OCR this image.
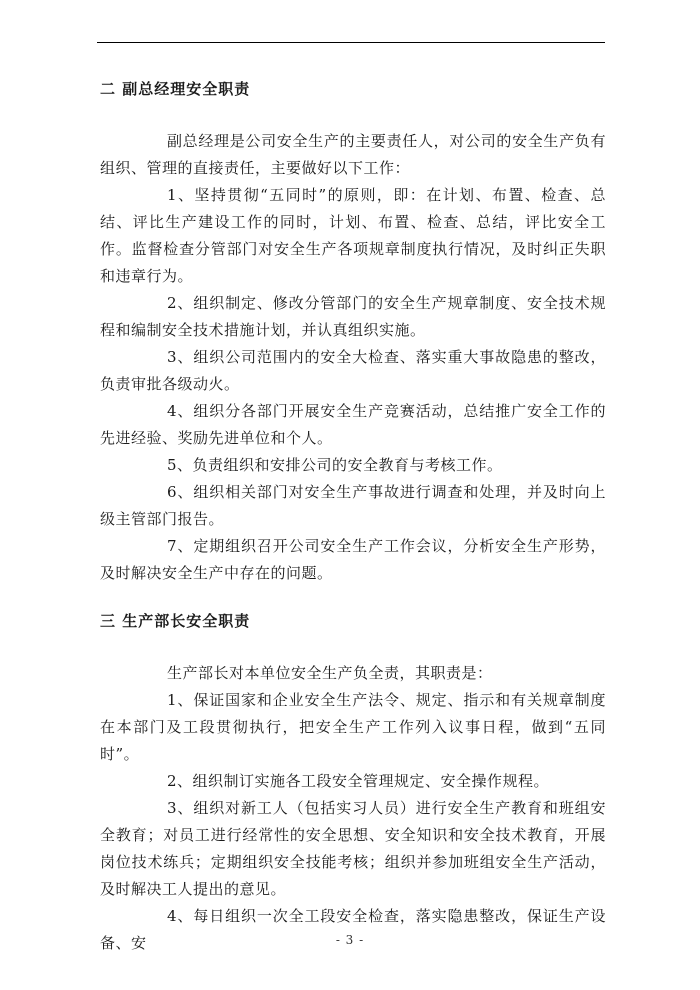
二 副总经理安全职责

副总经理是公司安全生产的主要责任人，对公司的安全生产负有组织、管理的直接责任，主要做好以下工作：

1、坚持贯彻“五同时”的原则，即：在计划、布置、检查、总结、评比生产建设工作的同时，计划、布置、检查、总结，评比安全工作。监督检查分管部门对安全生产各项规章制度执行情况，及时纠正失职和违章行为。

2、组织制定、修改分管部门的安全生产规章制度、安全技术规程和编制安全技术措施计划，并认真组织实施。

3、组织公司范围内的安全大检查、落实重大事故隐患的整改，负责审批各级动火。

4、组织分各部门开展安全生产竞赛活动，总结推广安全工作的先进经验、奖励先进单位和个人。

5、负责组织和安排公司的安全教育与考核工作。

6、组织相关部门对安全生产事故进行调查和处理，并及时向上级主管部门报告。

7、定期组织召开公司安全生产工作会议，分析安全生产形势，及时解决安全生产中存在的问题。

三 生产部长安全职责

生产部长对本单位安全生产负全责，其职责是：

1、保证国家和企业安全生产法令、规定、指示和有关规章制度在本部门及工段贯彻执行，把安全生产工作列入议事日程，做到“五同时”。

2、组织制订实施各工段安全管理规定、安全操作规程。

3、组织对新工人（包括实习人员）进行安全生产教育和班组安全教育；对员工进行经常性的安全思想、安全知识和安全技术教育，开展岗位技术练兵；定期组织安全技能考核；组织并参加班组安全生产活动，及时解决工人提出的意见。

4、每日组织一次全工段安全检查，落实隐患整改，保证生产设备、安	- 3 -
